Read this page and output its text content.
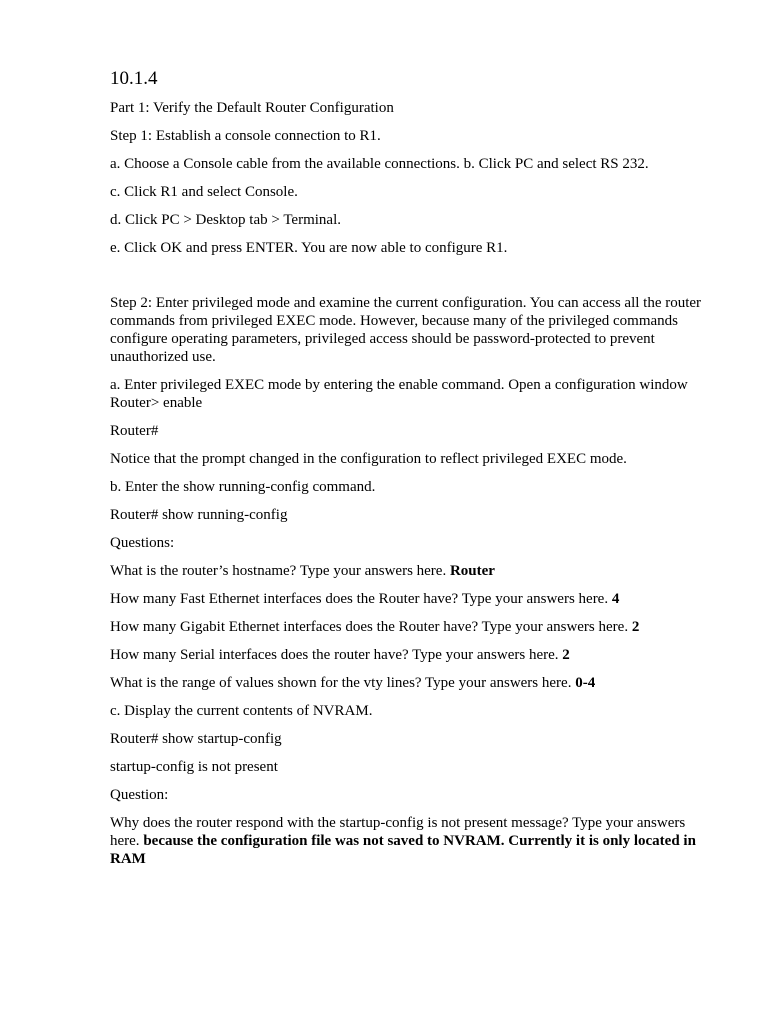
10.1.4

Part 1: Verify the Default Router Configuration

Step 1: Establish a console connection to R1.

a. Choose a Console cable from the available connections. b. Click PC and select RS 232.

c. Click R1 and select Console.

d. Click PC > Desktop tab > Terminal.

e. Click OK and press ENTER. You are now able to configure R1.

Step 2: Enter privileged mode and examine the current configuration. You can access all the router commands from privileged EXEC mode. However, because many of the privileged commands configure operating parameters, privileged access should be password-protected to prevent unauthorized use.

a. Enter privileged EXEC mode by entering the enable command. Open a configuration window
Router> enable

Router#

Notice that the prompt changed in the configuration to reflect privileged EXEC mode.

b. Enter the show running-config command.

Router# show running-config

Questions:

What is the router’s hostname? Type your answers here. Router

How many Fast Ethernet interfaces does the Router have? Type your answers here. 4

How many Gigabit Ethernet interfaces does the Router have? Type your answers here. 2

How many Serial interfaces does the router have? Type your answers here. 2

What is the range of values shown for the vty lines? Type your answers here. 0-4

c. Display the current contents of NVRAM.

Router# show startup-config

startup-config is not present

Question:

Why does the router respond with the startup-config is not present message? Type your answers here. because the configuration file was not saved to NVRAM. Currently it is only located in RAM
